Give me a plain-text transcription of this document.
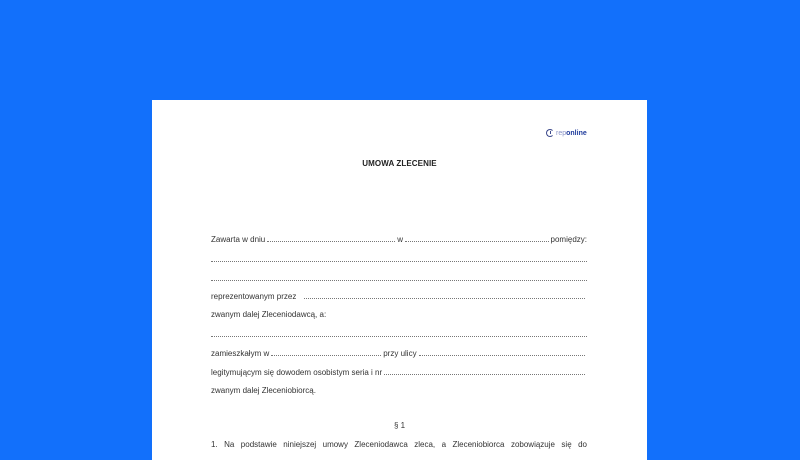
rep online
UMOWA ZLECENIE
Zawarta w dniu	w	pomiędzy:
reprezentowanym przez
zwanym dalej Zleceniodawcą, a:
zamieszkałym w	przy ulicy
legitymującym się dowodem osobistym seria i nr
zwanym dalej Zleceniobiorcą.
§ 1
1. Na podstawie niniejszej umowy Zleceniodawca zleca, a Zleceniobiorca zobowiązuje się do
